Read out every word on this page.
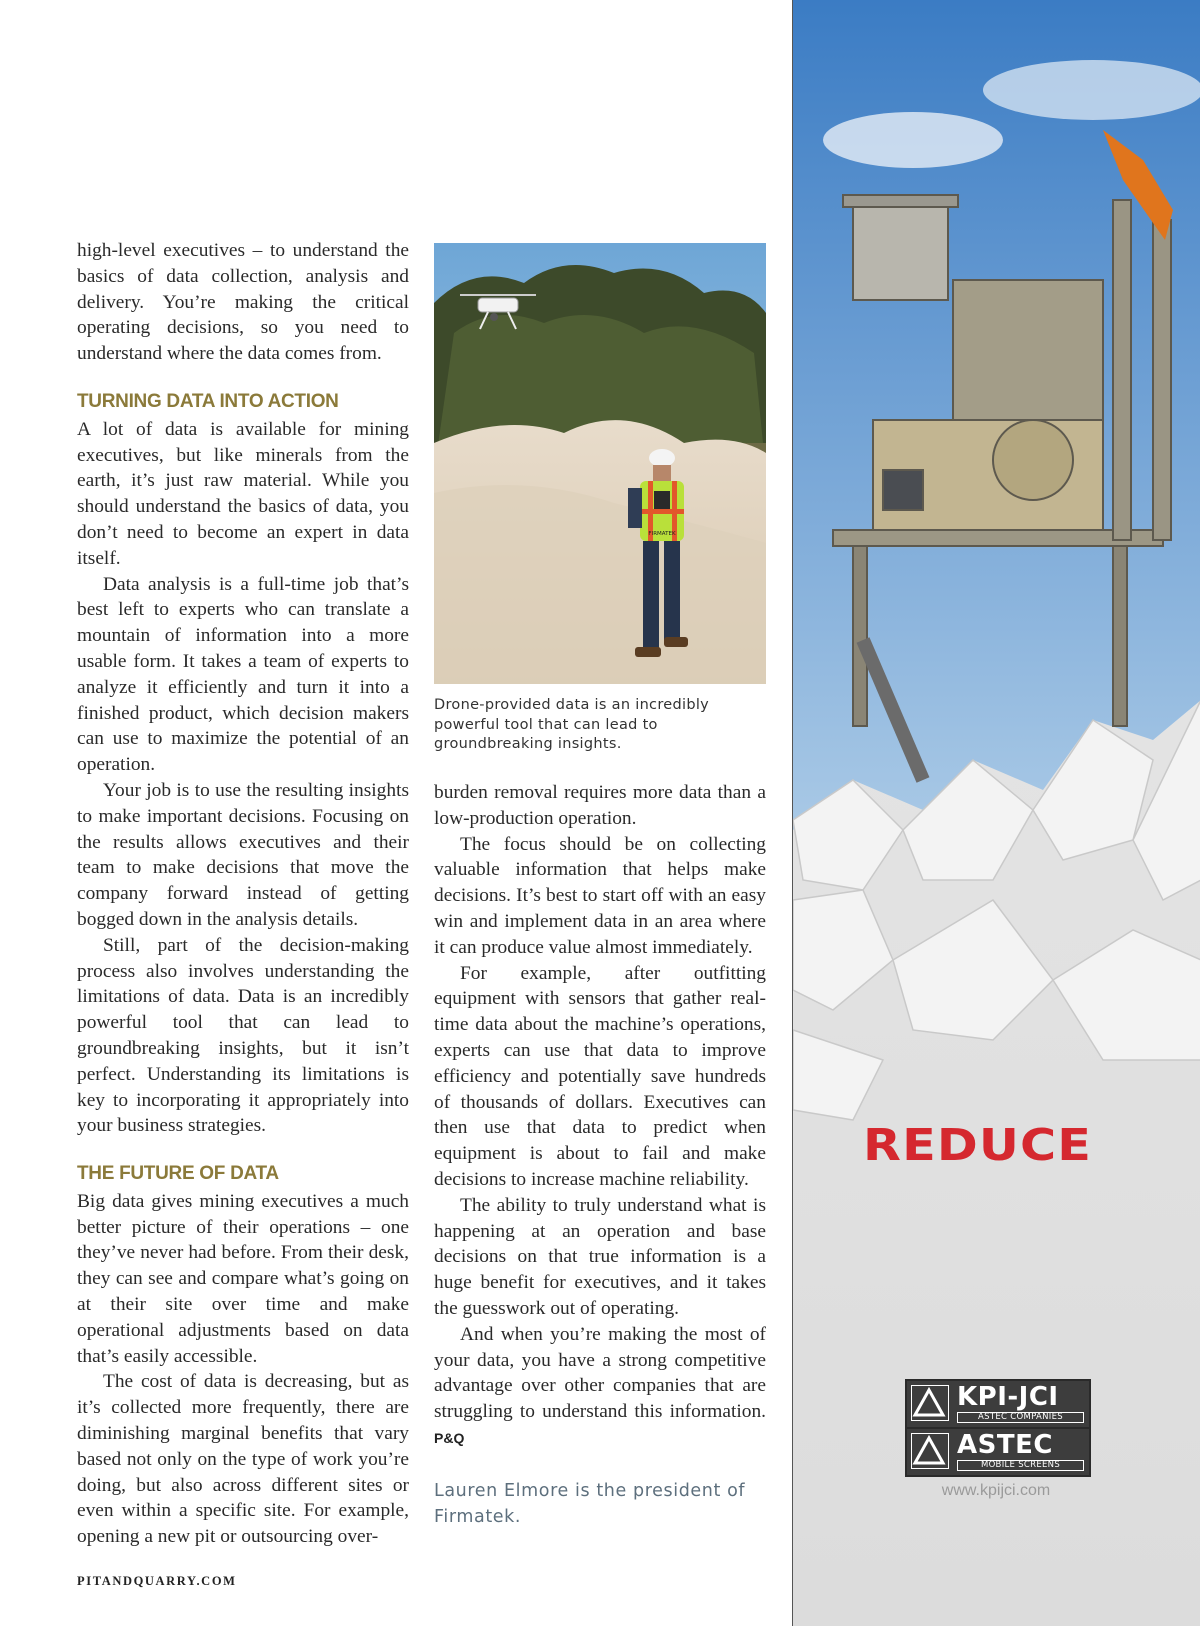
high-level executives – to understand the basics of data collection, analysis and delivery. You’re making the critical operating decisions, so you need to understand where the data comes from.

TURNING DATA INTO ACTION

A lot of data is available for mining executives, but like minerals from the earth, it’s just raw material. While you should understand the basics of data, you don’t need to become an expert in data itself.

Data analysis is a full-time job that’s best left to experts who can translate a mountain of information into a more usable form. It takes a team of experts to analyze it efficiently and turn it into a finished product, which decision makers can use to maximize the potential of an operation.

Your job is to use the resulting insights to make important decisions. Focusing on the results allows executives and their team to make decisions that move the company forward instead of getting bogged down in the analysis details.

Still, part of the decision-making process also involves understanding the limitations of data. Data is an incredibly powerful tool that can lead to groundbreaking insights, but it isn’t perfect. Understanding its limitations is key to incorporating it appropriately into your business strategies.

THE FUTURE OF DATA

Big data gives mining executives a much better picture of their operations – one they’ve never had before. From their desk, they can see and compare what’s going on at their site over time and make operational adjustments based on data that’s easily accessible.

The cost of data is decreasing, but as it’s collected more frequently, there are diminishing marginal benefits that vary based not only on the type of work you’re doing, but also across different sites or even within a specific site. For example, opening a new pit or outsourcing over-

FIRMATEK
Drone-provided data is an incredibly powerful tool that can lead to groundbreaking insights.

burden removal requires more data than a low-production operation.

The focus should be on collecting valuable information that helps make decisions. It’s best to start off with an easy win and implement data in an area where it can produce value almost immediately.

For example, after outfitting equipment with sensors that gather real-time data about the machine’s operations, experts can use that data to improve efficiency and potentially save hundreds of thousands of dollars. Executives can then use that data to predict when equipment is about to fail and make decisions to increase machine reliability.

The ability to truly understand what is happening at an operation and base decisions on that true information is a huge benefit for executives, and it takes the guesswork out of operating.

And when you’re making the most of your data, you have a strong competitive advantage over other companies that are struggling to understand this information. P&Q

Lauren Elmore is the president of Firmatek.
PITANDQUARRY.COM
REDUCE
KPI-JCI
ASTEC COMPANIES
ASTEC
MOBILE SCREENS
www.kpijci.com
